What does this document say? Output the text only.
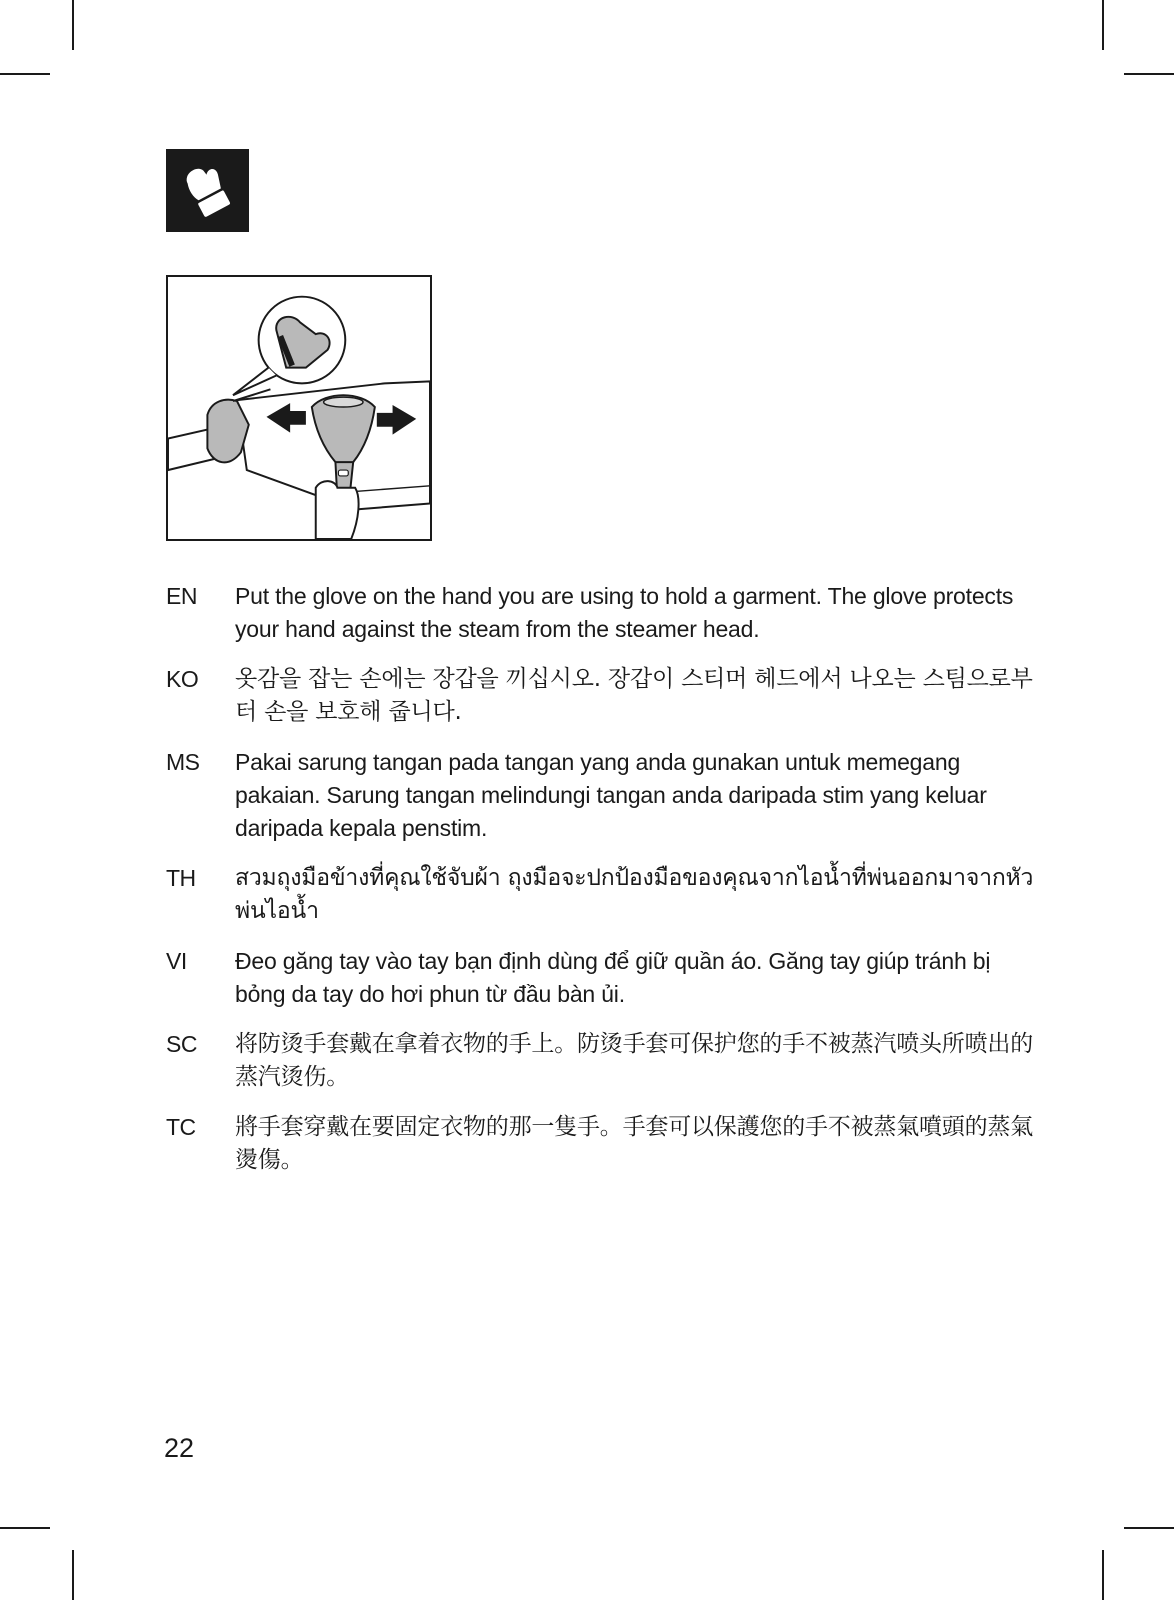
EN	Put the glove on the hand you are using to hold a garment. The glove protects your hand against the steam from the steamer head.
KO	옷감을 잡는 손에는 장갑을 끼십시오. 장갑이 스티머 헤드에서 나오는 스팀으로부터 손을 보호해 줍니다.
MS	Pakai sarung tangan pada tangan yang anda gunakan untuk memegang pakaian. Sarung tangan melindungi tangan anda daripada stim yang keluar daripada kepala penstim.
TH	สวมถุงมือข้างที่คุณใช้จับผ้า ถุงมือจะปกป้องมือของคุณจากไอน้ำที่พ่นออกมาจากหัวพ่นไอน้ำ
VI	Đeo găng tay vào tay bạn định dùng để giữ quần áo. Găng tay giúp tránh bị bỏng da tay do hơi phun từ đầu bàn ủi.
SC	将防烫手套戴在拿着衣物的手上。防烫手套可保护您的手不被蒸汽喷头所喷出的蒸汽烫伤。
TC	將手套穿戴在要固定衣物的那一隻手。手套可以保護您的手不被蒸氣噴頭的蒸氣燙傷。
22
